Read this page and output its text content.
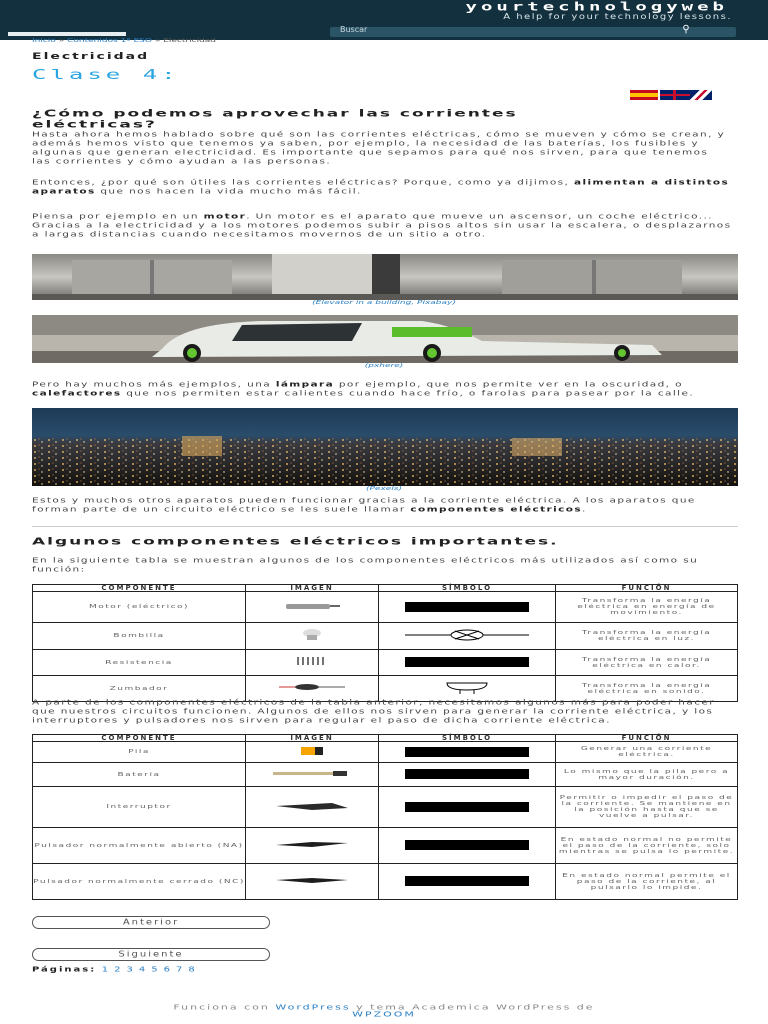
yourtechnologyweb
A help for your technology lessons.
Buscar	⚲
Inicio » Contenidos 1º ESO » Electricidad
Electricidad
Clase 4:
¿Cómo podemos aprovechar las corrientes eléctricas?
Hasta ahora hemos hablado sobre qué son las corrientes eléctricas, cómo se mueven y cómo se crean, y además hemos visto que tenemos ya saben, por ejemplo, la necesidad de las baterías, los fusibles y algunas que generan electricidad. Es importante que sepamos para qué nos sirven, para que tenemos las corrientes y cómo ayudan a las personas.
Entonces, ¿por qué son útiles las corrientes eléctricas? Porque, como ya dijimos, alimentan a distintos aparatos que nos hacen la vida mucho más fácil.
Piensa por ejemplo en un motor. Un motor es el aparato que mueve un ascensor, un coche eléctrico... Gracias a la electricidad y a los motores podemos subir a pisos altos sin usar la escalera, o desplazarnos a largas distancias cuando necesitamos movernos de un sitio a otro.
(Elevator in a building, Pixabay)
(pxhere)
Pero hay muchos más ejemplos, una lámpara por ejemplo, que nos permite ver en la oscuridad, o calefactores que nos permiten estar calientes cuando hace frío, o farolas para pasear por la calle.
(Pexels)
Estos y muchos otros aparatos pueden funcionar gracias a la corriente eléctrica. A los aparatos que forman parte de un circuito eléctrico se les suele llamar componentes eléctricos.
Algunos componentes eléctricos importantes.
En la siguiente tabla se muestran algunos de los componentes eléctricos más utilizados así como su función:
COMPONENTE	IMAGEN	SÍMBOLO	FUNCIÓN
Motor (eléctrico)			Transforma la energía eléctrica en energía de movimiento.
Bombilla			Transforma la energía eléctrica en luz.
Resistencia			Transforma la energía eléctrica en calor.
Zumbador			Transforma la energía eléctrica en sonido.
A parte de los componentes eléctricos de la tabla anterior, necesitamos algunos más para poder hacer que nuestros circuitos funcionen. Algunos de ellos nos sirven para generar la corriente eléctrica, y los interruptores y pulsadores nos sirven para regular el paso de dicha corriente eléctrica.
COMPONENTE	IMAGEN	SÍMBOLO	FUNCIÓN
Pila			Generar una corriente eléctrica.
Batería			Lo mismo que la pila pero a mayor duración.
Interruptor			Permitir o impedir el paso de la corriente. Se mantiene en la posición hasta que se vuelve a pulsar.
Pulsador normalmente abierto (NA)			En estado normal no permite el paso de la corriente, solo mientras se pulsa lo permite.
Pulsador normalmente cerrado (NC)			En estado normal permite el paso de la corriente, al pulsarlo lo impide.
Anterior
Siguiente
Páginas: 1 2 3 4 5 6 7 8
Funciona con WordPress y tema Academica WordPress de
WPZOOM
